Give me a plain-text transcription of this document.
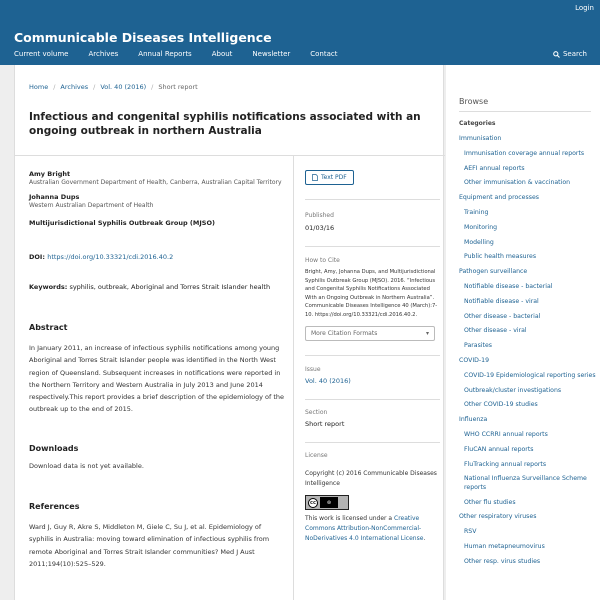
Login
Communicable Diseases Intelligence
Current volume	Archives	Annual Reports	About	Newsletter	Contact	Search
Home / Archives / Vol. 40 (2016) / Short report
Infectious and congenital syphilis notifications associated with an ongoing outbreak in northern Australia
Amy Bright
Australian Government Department of Health, Canberra, Australian Capital Territory
Johanna Dups
Western Australian Department of Health
Multijurisdictional Syphilis Outbreak Group (MJSO)
DOI: https://doi.org/10.33321/cdi.2016.40.2
Keywords: syphilis, outbreak, Aboriginal and Torres Strait Islander health
Abstract
In January 2011, an increase of infectious syphilis notifications among young Aboriginal and Torres Strait Islander people was identified in the North West region of Queensland. Subsequent increases in notifications were reported in the Northern Territory and Western Australia in July 2013 and June 2014 respectively.This report provides a brief description of the epidemiology of the outbreak up to the end of 2015.
Downloads
Download data is not yet available.
References
Ward J, Guy R, Akre S, Middleton M, Giele C, Su J, et al. Epidemiology of syphilis in Australia: moving toward elimination of infectious syphilis from remote Aboriginal and Torres Strait Islander communities? Med J Aust 2011;194(10):525–529.
Text PDF
Published
01/03/16
How to Cite
Bright, Amy, Johanna Dups, and Multijurisdictional Syphilis Outbreak Group (MJSO). 2016. “Infectious and Congenital Syphilis Notifications Associated With an Ongoing Outbreak in Northern Australia”. Communicable Diseases Intelligence 40 (March):7-10. https://doi.org/10.33321/cdi.2016.40.2.
More Citation Formats	▾
Issue
Vol. 40 (2016)
Section
Short report
License
Copyright (c) 2016 Communicable Diseases Intelligence
cc	⊜
This work is licensed under a Creative Commons Attribution-NonCommercial-NoDerivatives 4.0 International License.
Browse
Categories
Immunisation
Immunisation coverage annual reports
AEFI annual reports
Other immunisation & vaccination
Equipment and processes
Training
Monitoring
Modelling
Public health measures
Pathogen surveillance
Notifiable disease - bacterial
Notifiable disease - viral
Other disease - bacterial
Other disease - viral
Parasites
COVID-19
COVID-19 Epidemiological reporting series
Outbreak/cluster investigations
Other COVID-19 studies
Influenza
WHO CCRRI annual reports
FluCAN annual reports
FluTracking annual reports
National Influenza Surveillance Scheme reports
Other flu studies
Other respiratory viruses
RSV
Human metapneumovirus
Other resp. virus studies
